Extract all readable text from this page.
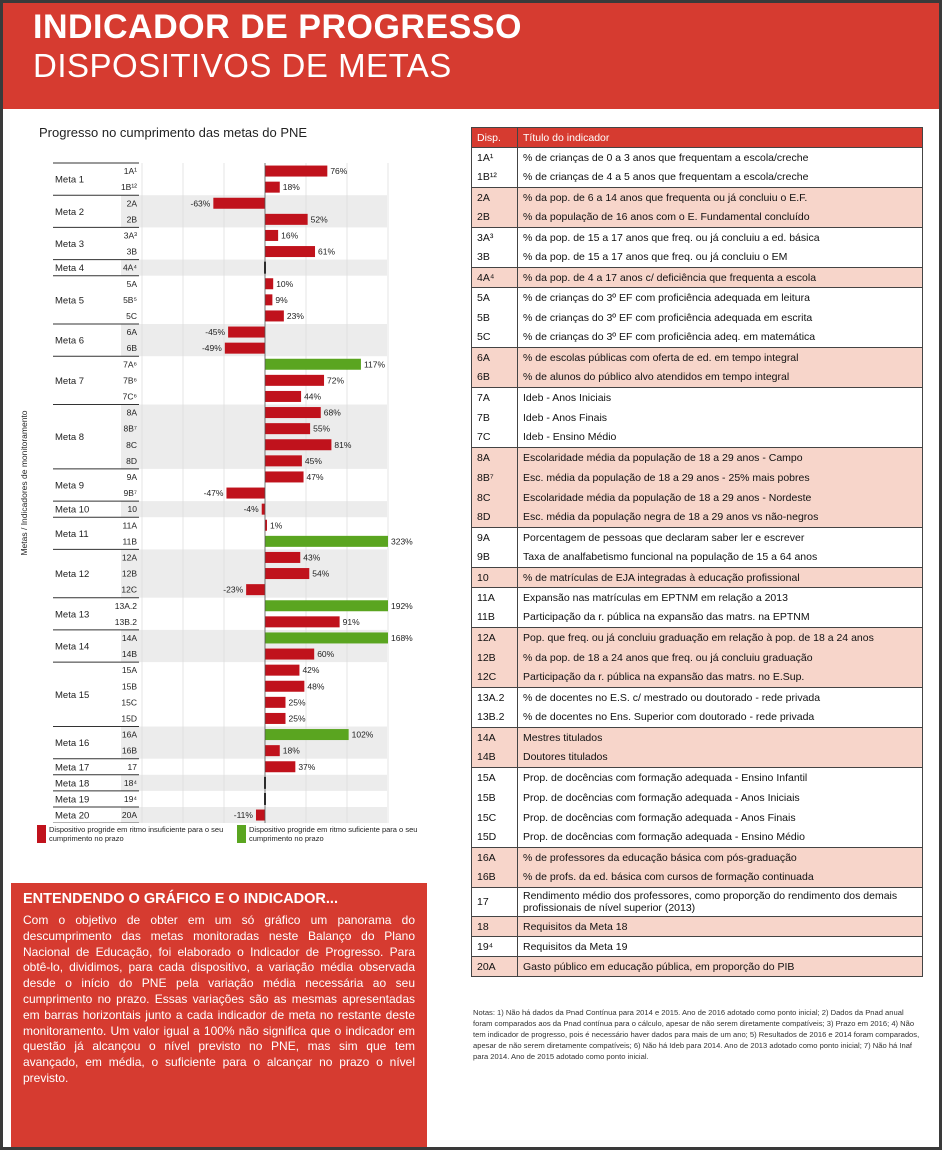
INDICADOR DE PROGRESSO
DISPOSITIVOS DE METAS
Progresso no cumprimento das metas do PNE
Meta 1
1A¹	76%
1B¹²	18%
Meta 2
2A	-63%
2B	52%
Meta 3
3A³	16%
3B	61%
Meta 4	4A⁴
Meta 5
5A	10%
5B⁵	9%
5C	23%
Meta 6
6A	-45%
6B	-49%
Meta 7
7A⁶	117%
7B⁶	72%
7C⁶	44%
Meta 8
8A	68%
8B⁷	55%
8C	81%
8D	45%
Meta 9
9A	47%
9B⁷	-47%
Meta 10	10	-4%
Meta 11
11A	1%
11B	323%
Meta 12
12A	43%
12B	54%
12C	-23%
Meta 13
13A.2	192%
13B.2	91%
Meta 14
14A	168%
14B	60%
Meta 15
15A	42%
15B	48%
15C	25%
15D	25%
Meta 16
16A	102%
16B	18%
Meta 17	17	37%
Meta 18	18⁴
Meta 19	19⁴
Meta 20	20A	-11%
Metas / Indicadores de monitoramento
Dispositivo progride em ritmo insuficiente para o seu cumprimento no prazo
Dispositivo progride em ritmo suficiente para o seu cumprimento no prazo
ENTENDENDO O GRÁFICO E O INDICADOR...
Com o objetivo de obter em um só gráfico um panorama do descumprimento das metas monitoradas neste Balanço do Plano Nacional de Educação, foi elaborado o Indicador de Progresso. Para obtê-lo, dividimos, para cada dispositivo, a variação média observada desde o início do PNE pela variação média necessária ao seu cumprimento no prazo. Essas variações são as mesmas apresentadas em barras horizontais junto a cada indicador de meta no restante deste monitoramento. Um valor igual a 100% não significa que o indicador em questão já alcançou o nível previsto no PNE, mas sim que tem avançado, em média, o suficiente para o alcançar no prazo o nível previsto.
Disp.	Título do indicador
1A¹	% de crianças de 0 a 3 anos que frequentam a escola/creche
1B¹²	% de crianças de 4 a 5 anos que frequentam a escola/creche
2A	% da pop. de 6 a 14 anos que frequenta ou já concluiu o E.F.
2B	% da população de 16 anos com o E. Fundamental concluído
3A³	% da pop. de 15 a 17 anos que freq. ou já concluiu a ed. básica
3B	% da pop. de 15 a 17 anos que freq. ou já concluiu o EM
4A⁴	% da pop. de 4 a 17 anos c/ deficiência que frequenta a escola
5A	% de crianças do 3º EF com proficiência adequada em leitura
5B	% de crianças do 3º EF com proficiência adequada em escrita
5C	% de crianças do 3º EF com proficiência adeq. em matemática
6A	% de escolas públicas com oferta de ed. em tempo integral
6B	% de alunos do público alvo atendidos em tempo integral
7A	Ideb - Anos Iniciais
7B	Ideb - Anos Finais
7C	Ideb - Ensino Médio
8A	Escolaridade média da população de 18 a 29 anos - Campo
8B⁷	Esc. média da população de 18 a 29 anos - 25% mais pobres
8C	Escolaridade média da população de 18 a 29 anos - Nordeste
8D	Esc. média da população negra de 18 a 29 anos vs não-negros
9A	Porcentagem de pessoas que declaram saber ler e escrever
9B	Taxa de analfabetismo funcional na população de 15 a 64 anos
10	% de matrículas de EJA integradas à educação profissional
11A	Expansão nas matrículas em EPTNM em relação a 2013
11B	Participação da r. pública na expansão das matrs. na EPTNM
12A	Pop. que freq. ou já concluiu graduação em relação à pop. de 18 a 24 anos
12B	% da pop. de 18 a 24 anos que freq. ou já concluiu graduação
12C	Participação da r. pública na expansão das matrs. no E.Sup.
13A.2	% de docentes no E.S. c/ mestrado ou doutorado - rede privada
13B.2	% de docentes no Ens. Superior com doutorado - rede privada
14A	Mestres titulados
14B	Doutores titulados
15A	Prop. de docências com formação adequada - Ensino Infantil
15B	Prop. de docências com formação adequada - Anos Iniciais
15C	Prop. de docências com formação adequada - Anos Finais
15D	Prop. de docências com formação adequada - Ensino Médio
16A	% de professores da educação básica com pós-graduação
16B	% de profs. da ed. básica com cursos de formação continuada
17	Rendimento médio dos professores, como proporção do rendimento dos demais profissionais de nível superior (2013)
18	Requisitos da Meta 18
19⁴	Requisitos da Meta 19
20A	Gasto público em educação pública, em proporção do PIB
Notas: 1) Não há dados da Pnad Contínua para 2014 e 2015. Ano de 2016 adotado como ponto inicial; 2) Dados da Pnad anual foram comparados aos da Pnad contínua para o cálculo, apesar de não serem diretamente compatíveis; 3) Prazo em 2016; 4) Não tem indicador de progresso, pois é necessário haver dados para mais de um ano; 5) Resultados de 2016 e 2014 foram comparados, apesar de não serem diretamente compatíveis; 6) Não há Ideb para 2014. Ano de 2013 adotado como ponto inicial; 7) Não há Inaf para 2014. Ano de 2015 adotado como ponto inicial.
